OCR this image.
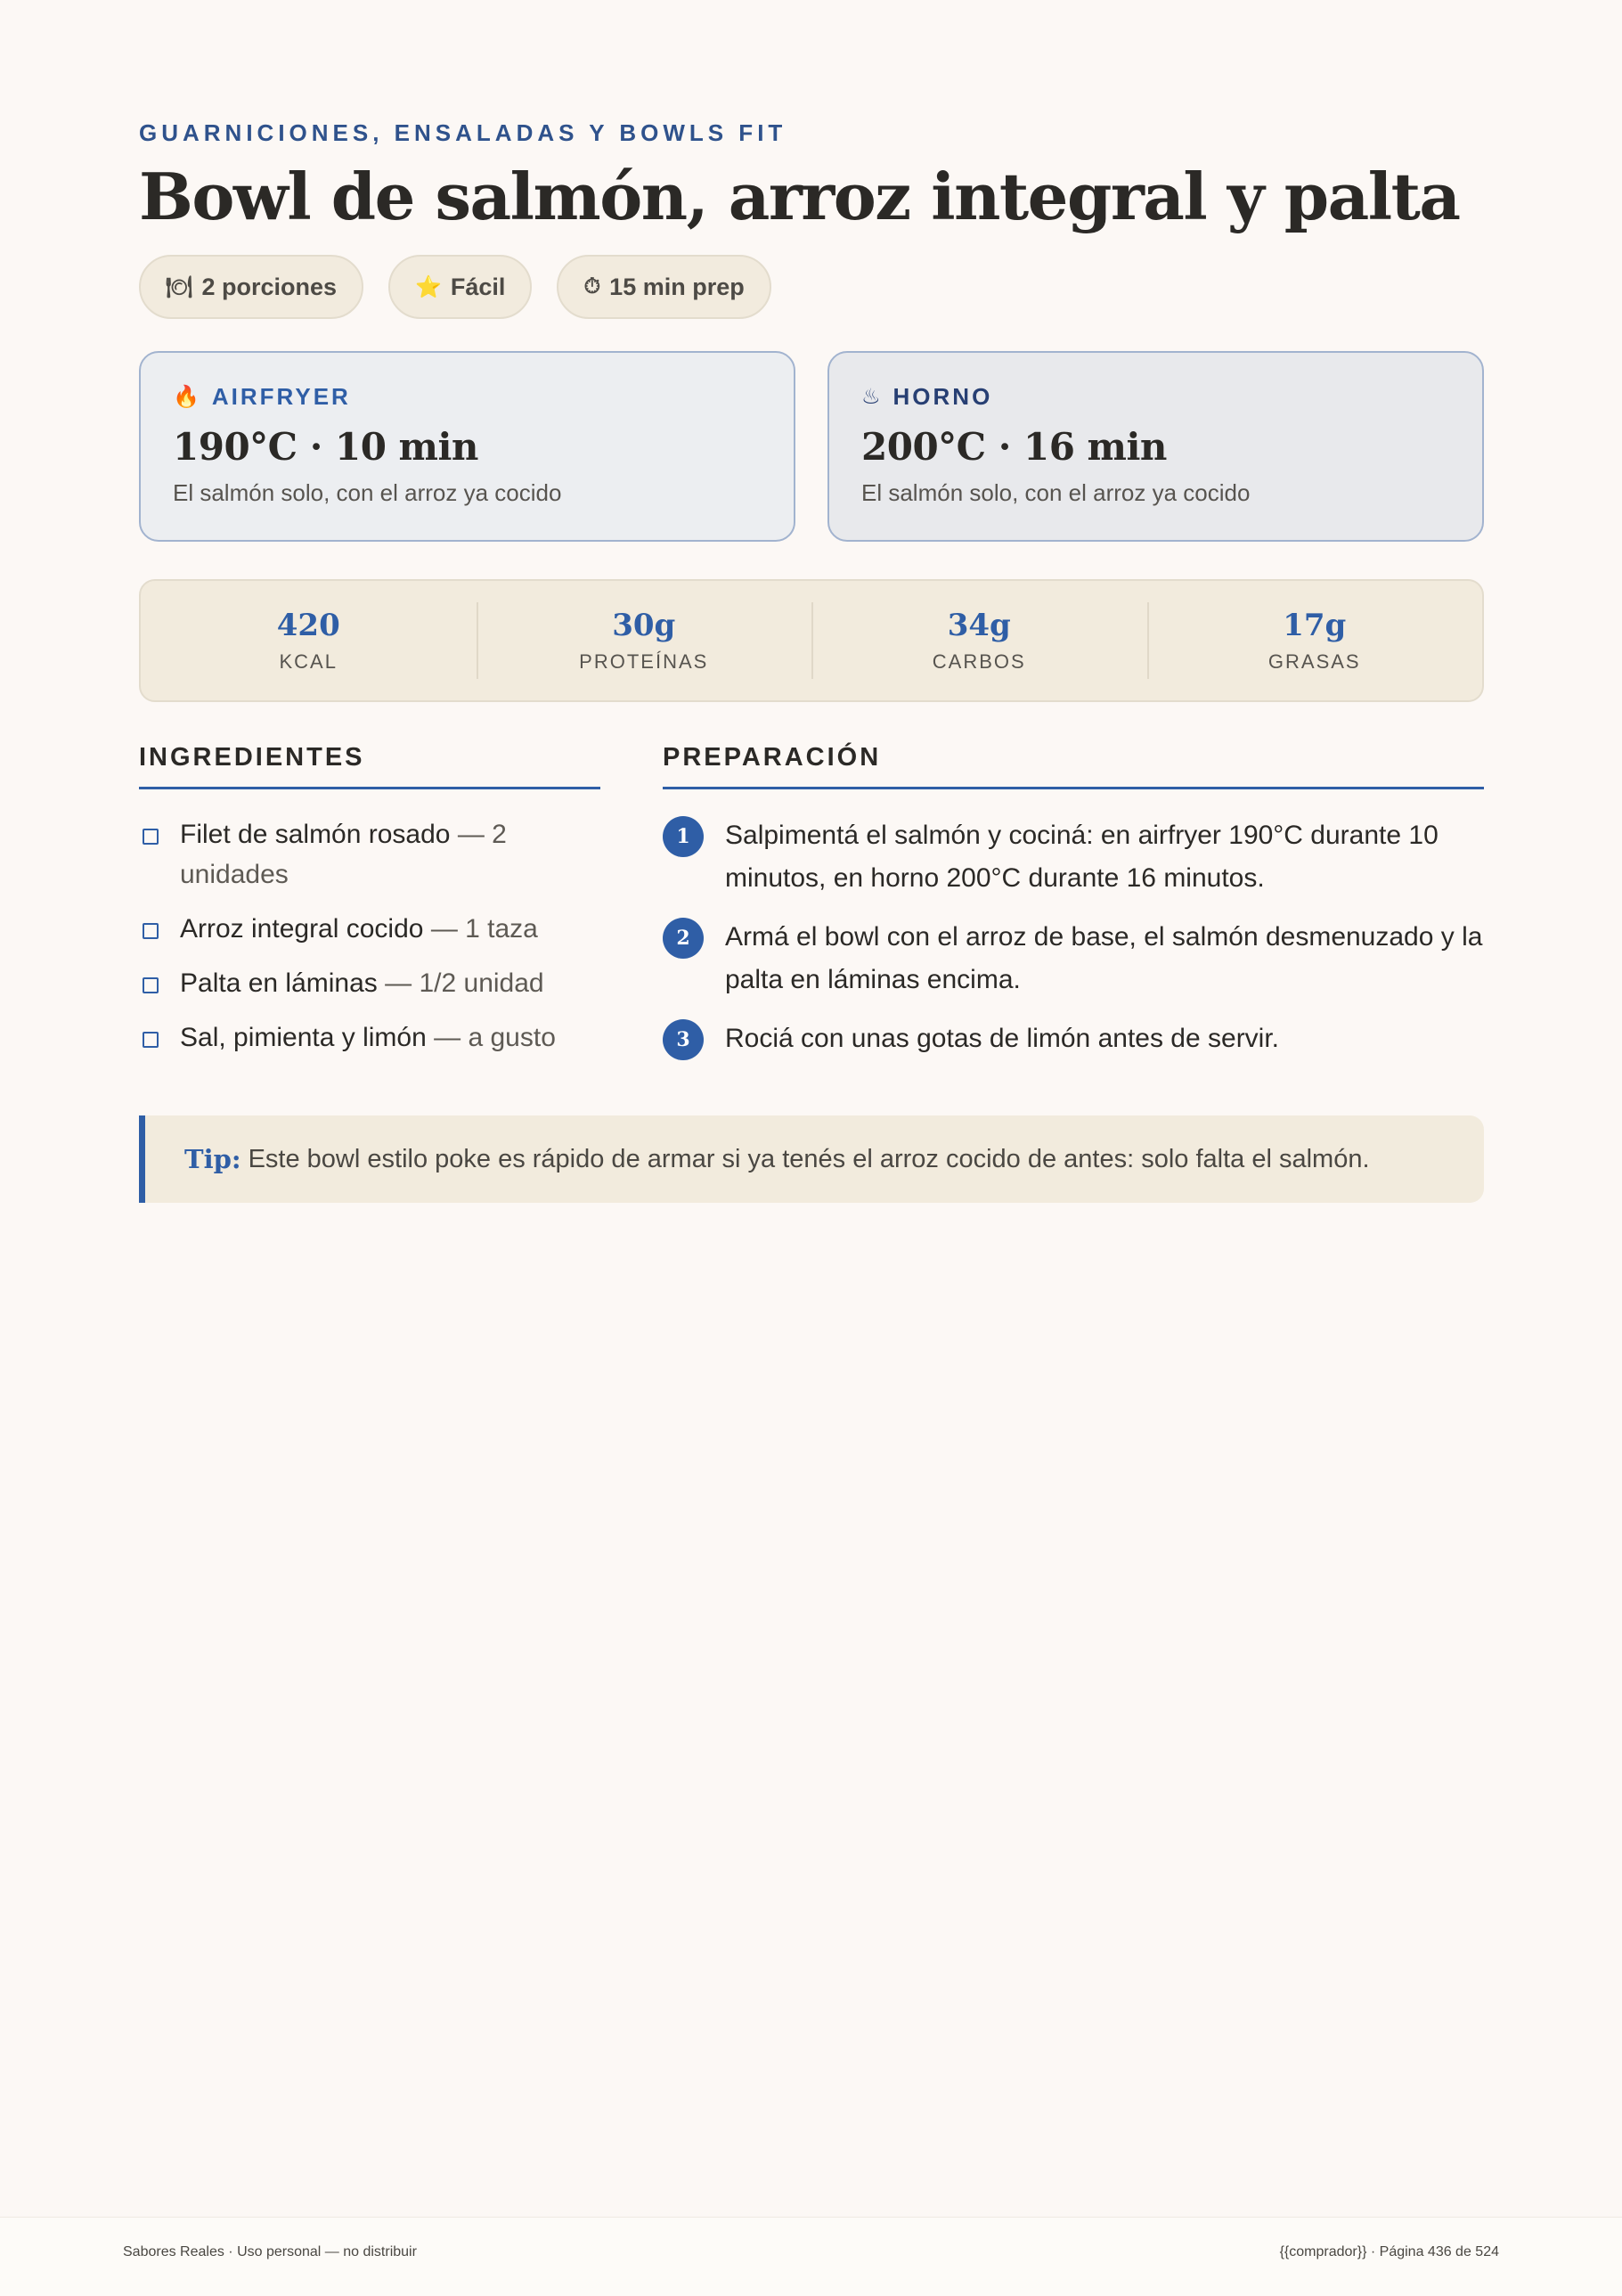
GUARNICIONES, ENSALADAS Y BOWLS FIT
Bowl de salmón, arroz integral y palta
🍽 2 porciones	⭐ Fácil	⏱ 15 min prep
🔥 AIRFRYER
190°C · 10 min
El salmón solo, con el arroz ya cocido
♨ HORNO
200°C · 16 min
El salmón solo, con el arroz ya cocido
420
KCAL
30g
PROTEÍNAS
34g
CARBOS
17g
GRASAS
INGREDIENTES
Filet de salmón rosado — 2 unidades
Arroz integral cocido — 1 taza
Palta en láminas — 1/2 unidad
Sal, pimienta y limón — a gusto
PREPARACIÓN
1	Salpimentá el salmón y cociná: en airfryer 190°C durante 10 minutos, en horno 200°C durante 16 minutos.
2	Armá el bowl con el arroz de base, el salmón desmenuzado y la palta en láminas encima.
3	Rociá con unas gotas de limón antes de servir.
Tip: Este bowl estilo poke es rápido de armar si ya tenés el arroz cocido de antes: solo falta el salmón.
Sabores Reales · Uso personal — no distribuir	{{comprador}} · Página 436 de 524
